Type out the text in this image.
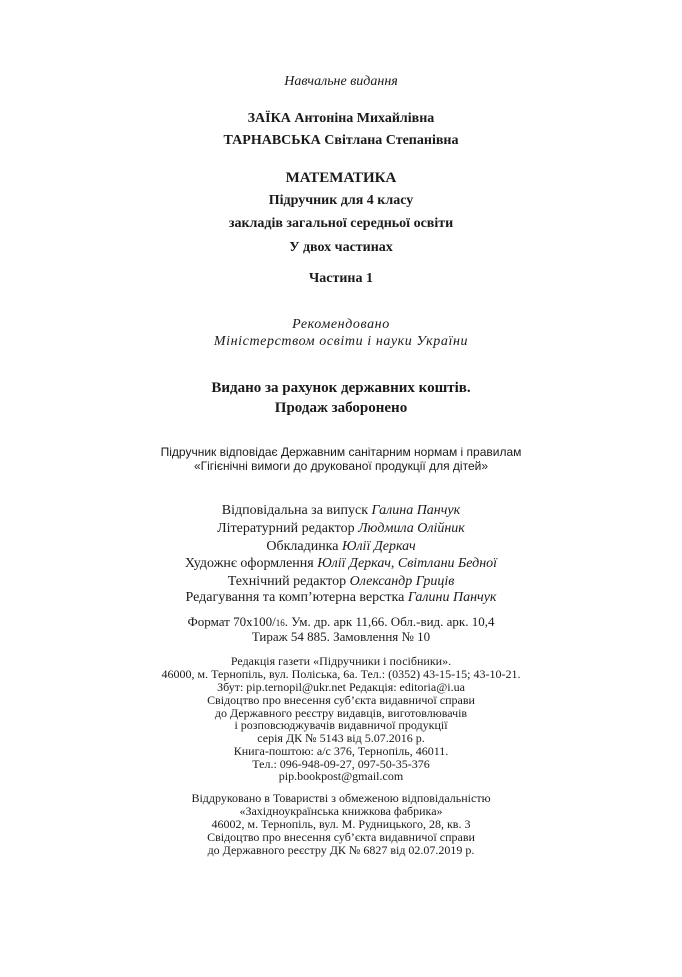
Навчальне видання
ЗАЇКА Антоніна Михайлівна
ТАРНАВСЬКА Світлана Степанівна
МАТЕМАТИКА
Підручник для 4 класу
закладів загальної середньої освіти
У двох частинах
Частина 1
Рекомендовано
Міністерством освіти і науки України
Видано за рахунок державних коштів.
Продаж заборонено
Підручник відповідає Державним санітарним нормам і правилам
«Гігієнічні вимоги до друкованої продукції для дітей»
Відповідальна за випуск Галина Панчук
Літературний редактор Людмила Олійник
Обкладинка Юлії Деркач
Художнє оформлення Юлії Деркач, Світлани Бедної
Технічний редактор Олександр Гриців
Редагування та комп’ютерна верстка Галини Панчук
Формат 70x100/16. Ум. др. арк 11,66. Обл.-вид. арк. 10,4
Тираж 54 885. Замовлення № 10
Редакція газети «Підручники і посібники».
46000, м. Тернопіль, вул. Поліська, 6а. Тел.: (0352) 43-15-15; 43-10-21.
Збут: pip.ternopil@ukr.net Редакція: editoria@i.ua
Свідоцтво про внесення суб’єкта видавничої справи
до Державного реєстру видавців, виготовлювачів
і розповсюджувачів видавничої продукції
серія ДК № 5143 від 5.07.2016 р.
Книга-поштою: а/с 376, Тернопіль, 46011.
Тел.: 096-948-09-27, 097-50-35-376
pip.bookpost@gmail.com
Віддруковано в Товаристві з обмеженою відповідальністю
«Західноукраїнська книжкова фабрика»
46002, м. Тернопіль, вул. М. Рудницького, 28, кв. 3
Свідоцтво про внесення суб’єкта видавничої справи
до Державного реєстру ДК № 6827 від 02.07.2019 р.
